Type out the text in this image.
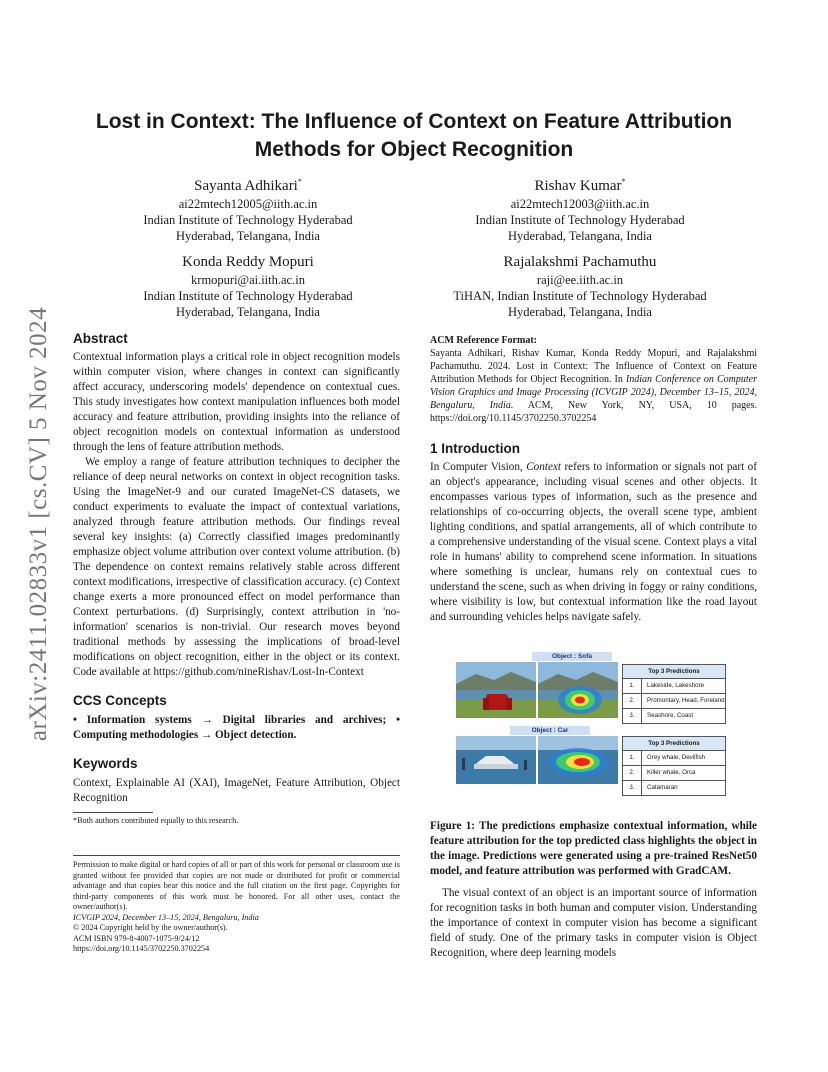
arXiv:2411.02833v1 [cs.CV] 5 Nov 2024
Lost in Context: The Influence of Context on Feature Attribution Methods for Object Recognition
Sayanta Adhikari*
ai22mtech12005@iith.ac.in
Indian Institute of Technology Hyderabad
Hyderabad, Telangana, India
Rishav Kumar*
ai22mtech12003@iith.ac.in
Indian Institute of Technology Hyderabad
Hyderabad, Telangana, India
Konda Reddy Mopuri
krmopuri@ai.iith.ac.in
Indian Institute of Technology Hyderabad
Hyderabad, Telangana, India
Rajalakshmi Pachamuthu
raji@ee.iith.ac.in
TiHAN, Indian Institute of Technology Hyderabad
Hyderabad, Telangana, India
Abstract

Contextual information plays a critical role in object recognition models within computer vision, where changes in context can significantly affect accuracy, underscoring models' dependence on contextual cues. This study investigates how context manipulation influences both model accuracy and feature attribution, providing insights into the reliance of object recognition models on contextual information as understood through the lens of feature attribution methods.

We employ a range of feature attribution techniques to decipher the reliance of deep neural networks on context in object recognition tasks. Using the ImageNet-9 and our curated ImageNet-CS datasets, we conduct experiments to evaluate the impact of contextual variations, analyzed through feature attribution methods. Our findings reveal several key insights: (a) Correctly classified images predominantly emphasize object volume attribution over context volume attribution. (b) The dependence on context remains relatively stable across different context modifications, irrespective of classification accuracy. (c) Context change exerts a more pronounced effect on model performance than Context perturbations. (d) Surprisingly, context attribution in 'no-information' scenarios is non-trivial. Our research moves beyond traditional methods by assessing the implications of broad-level modifications on object recognition, either in the object or its context. Code available at https://github.com/nineRishav/Lost-In-Context

CCS Concepts

• Information systems → Digital libraries and archives; • Computing methodologies → Object detection.

Keywords

Context, Explainable AI (XAI), ImageNet, Feature Attribution, Object Recognition

*Both authors contributed equally to this research.

Permission to make digital or hard copies of all or part of this work for personal or classroom use is granted without fee provided that copies are not made or distributed for profit or commercial advantage and that copies bear this notice and the full citation on the first page. Copyrights for third-party components of this work must be honored. For all other uses, contact the owner/author(s).

ICVGIP 2024, December 13–15, 2024, Bengaluru, India

© 2024 Copyright held by the owner/author(s).

ACM ISBN 979-8-4007-1075-9/24/12

https://doi.org/10.1145/3702250.3702254

ACM Reference Format:

Sayanta Adhikari, Rishav Kumar, Konda Reddy Mopuri, and Rajalakshmi Pachamuthu. 2024. Lost in Context: The Influence of Context on Feature Attribution Methods for Object Recognition. In Indian Conference on Computer Vision Graphics and Image Processing (ICVGIP 2024), December 13–15, 2024, Bengaluru, India. ACM, New York, NY, USA, 10 pages. https://doi.org/10.1145/3702250.3702254

1 Introduction

In Computer Vision, Context refers to information or signals not part of an object's appearance, including visual scenes and other objects. It encompasses various types of information, such as the presence and relationships of co-occurring objects, the overall scene type, ambient lighting conditions, and spatial arrangements, all of which contribute to a comprehensive understanding of the visual scene. Context plays a vital role in humans' ability to comprehend scene information. In situations where something is unclear, humans rely on contextual cues to understand the scene, such as when driving in foggy or rainy conditions, where visibility is low, but contextual information like the road layout and surrounding vehicles helps navigate safely.

Object : Sofa
Top 3 Predictions
1.	Lakeside, Lakeshore
2.	Promontary, Head, Foreland
3.	Seashore, Coast
Object : Car
Top 3 Predictions
1.	Grey whale, Devilfish
2.	Killer whale, Orca
3.	Catamaran

Figure 1: The predictions emphasize contextual information, while feature attribution for the top predicted class highlights the object in the image. Predictions were generated using a pre-trained ResNet50 model, and feature attribution was performed with GradCAM.

The visual context of an object is an important source of information for recognition tasks in both human and computer vision. Understanding the importance of context in computer vision has become a significant field of study. One of the primary tasks in computer vision is Object Recognition, where deep learning models
